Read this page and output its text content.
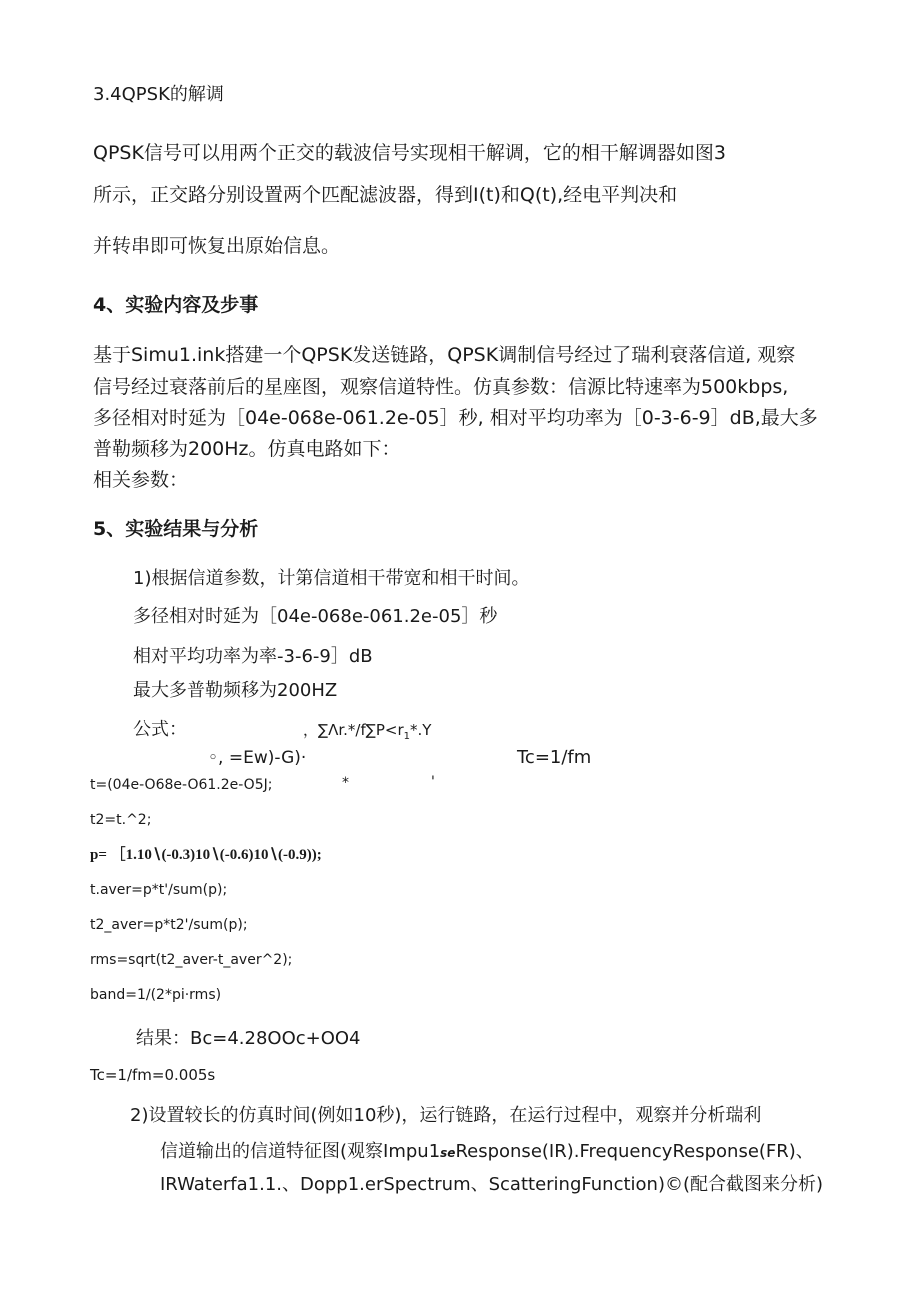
3.4QPSK的解调
QPSK信号可以用两个正交的载波信号实现相干解调，它的相干解调器如图3
所示，正交路分别设置两个匹配滤波器，得到I(t)和Q(t),经电平判决和
并转串即可恢复出原始信息。
4、实验内容及步事
基于Simu1.ink搭建一个QPSK发送链路，QPSK调制信号经过了瑞利衰落信道, 观察
信号经过衰落前后的星座图，观察信道特性。仿真参数：信源比特速率为500kbps,
多径相对时延为［04e-068e-061.2e-05］秒, 相对平均功率为［0-3-6-9］dB,最大多
普勒频移为200Hz。仿真电路如下：
相关参数：
5、实验结果与分析
1)根据信道参数，计第信道相干带宽和相干时间。
多径相对时延为［04e-068e-061.2e-05］秒
相对平均功率为率-3-6-9］dB
最大多普勒频移为200HZ
公式：	，$\sum\Lambda r.*/f\sum P<r_1*.Y$
◦, =Ew)-G)·	Tc=1∕fm
t=(04e-O68e-O61.2e-O5J;	*	'
t2=t.^2;
p= ［1.10∖(-0.3)10∖(-0.6)10∖(-0.9));
t.aver=p*t'∕sum(p);
t2_aver=p*t2'∕sum(p);
rms=sqrt(t2_aver-t_aver^2);
band=1∕(2*pi·rms)
结果：Bc=4.28OOc+OO4
Tc=1∕fm=0.005s
2)设置较长的仿真时间(例如10秒)，运行链路，在运行过程中，观察并分析瑞利
信道输出的信道特征图(观察Impu1seResponse(IR).FrequencyResponse(FR)、
IRWaterfa1.1.、Dopp1.erSpectrum、ScatteringFunction)©(配合截图来分析)
